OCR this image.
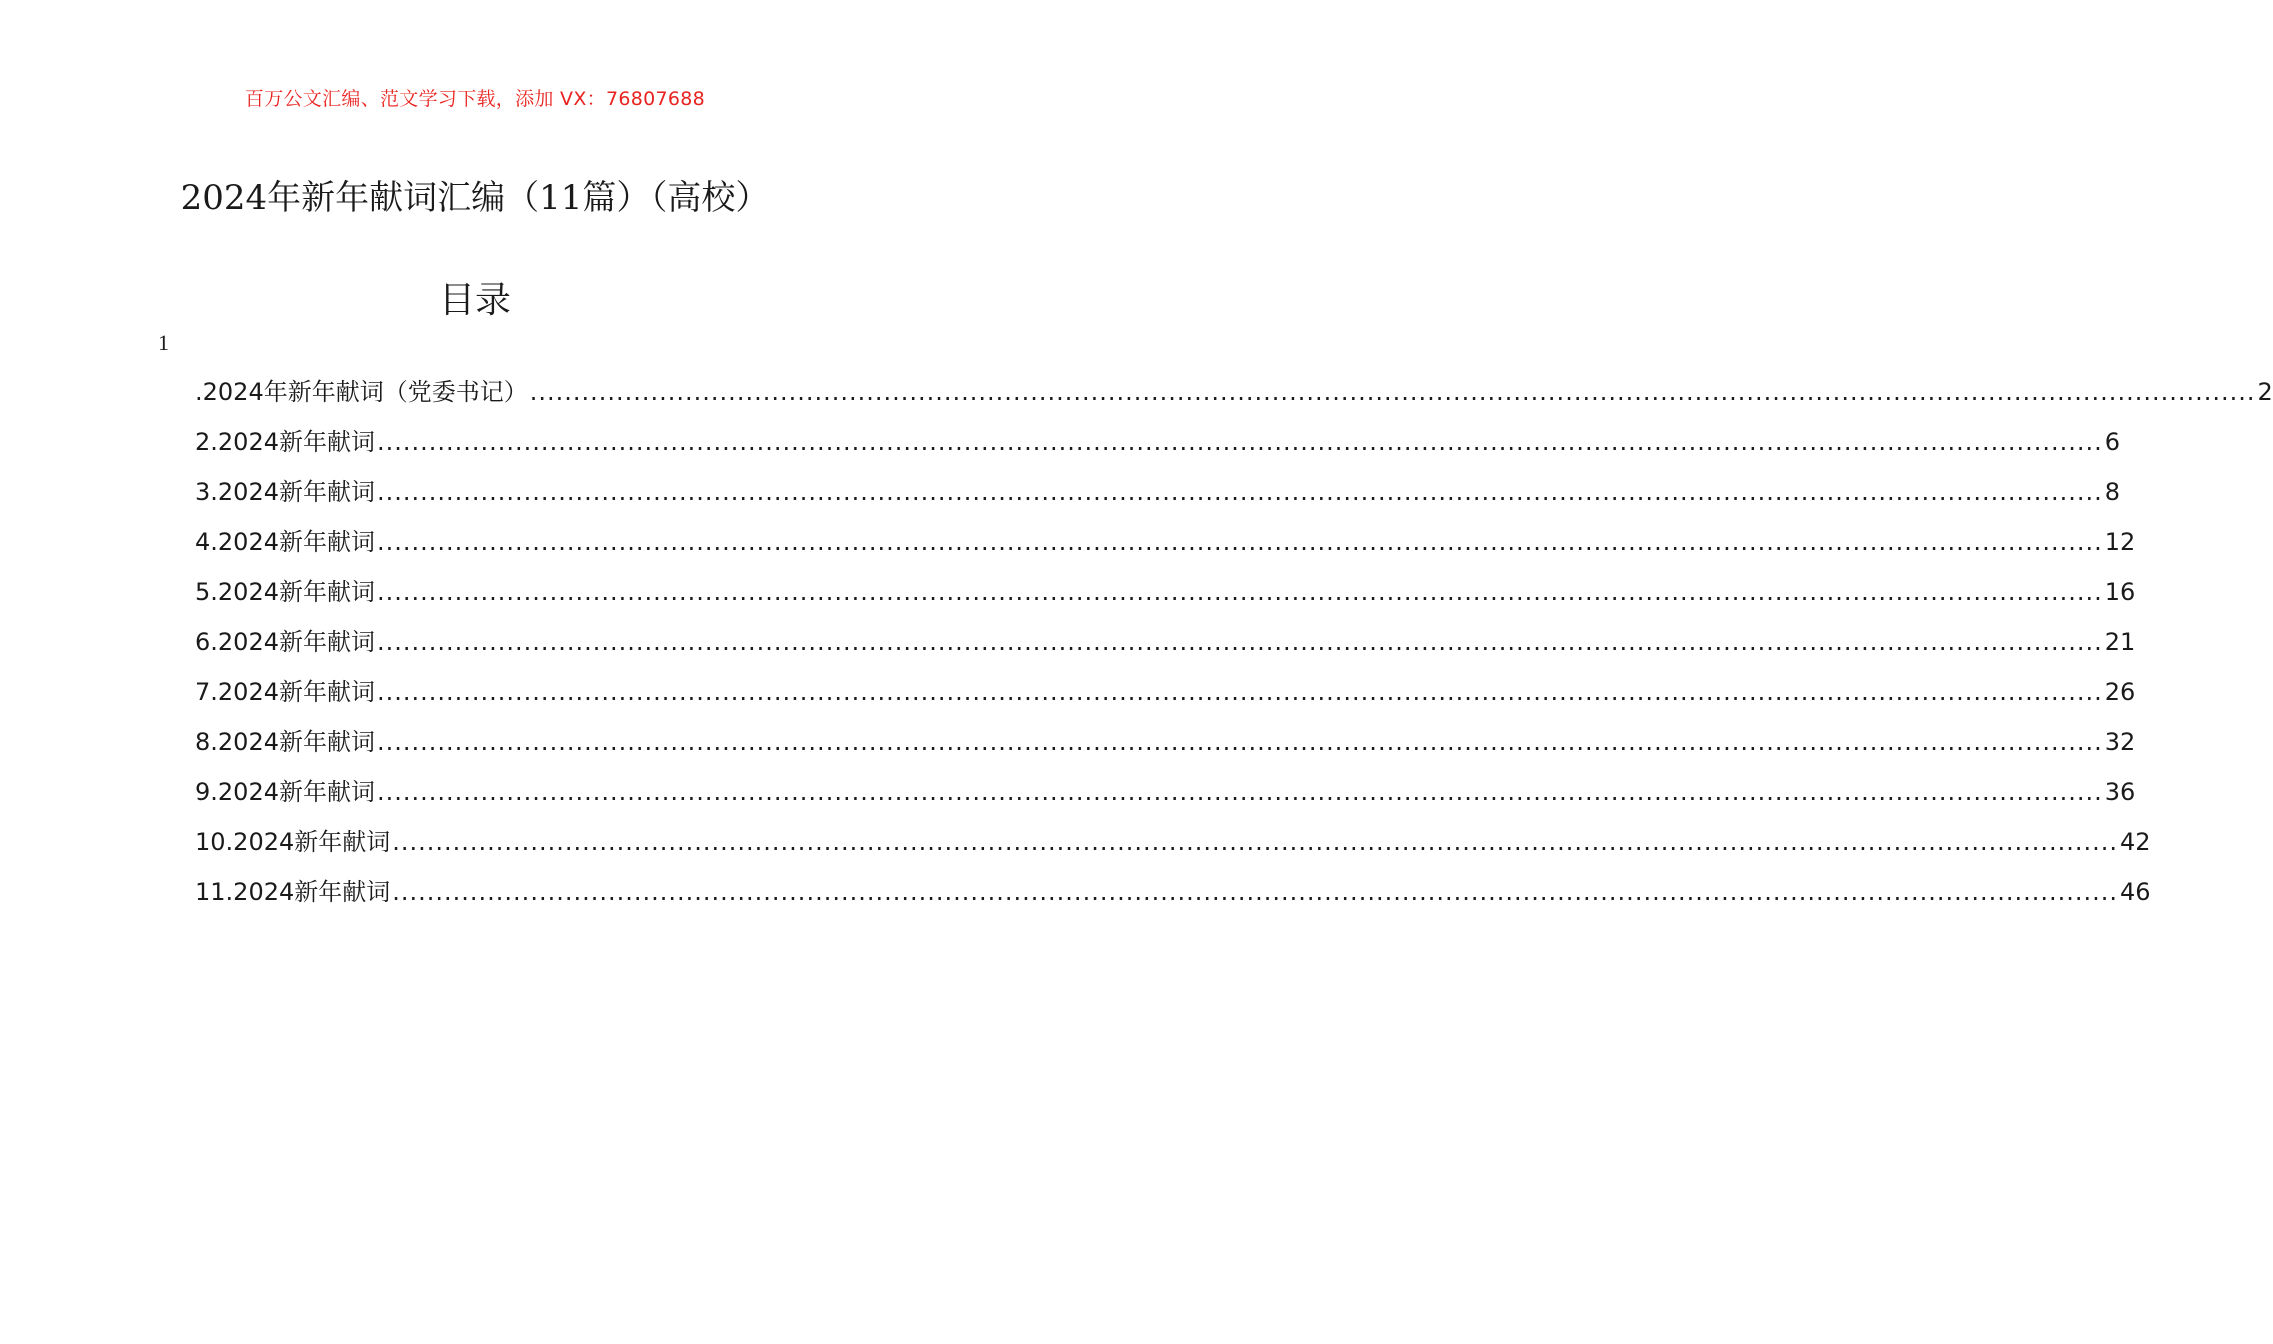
百万公文汇编、范文学习下载，添加 VX：76807688
2024年新年献词汇编（11篇）（高校）
目录
1
.2024年新年献词（党委书记） ........................................................................................................................................................................................................ 2
2.2024新年献词 ........................................................................................................................................................................................................ 6
3.2024新年献词 ........................................................................................................................................................................................................ 8
4.2024新年献词 ........................................................................................................................................................................................................ 12
5.2024新年献词 ........................................................................................................................................................................................................ 16
6.2024新年献词 ........................................................................................................................................................................................................ 21
7.2024新年献词 ........................................................................................................................................................................................................ 26
8.2024新年献词 ........................................................................................................................................................................................................ 32
9.2024新年献词 ........................................................................................................................................................................................................ 36
10.2024新年献词 ........................................................................................................................................................................................................ 42
11.2024新年献词 ........................................................................................................................................................................................................ 46
